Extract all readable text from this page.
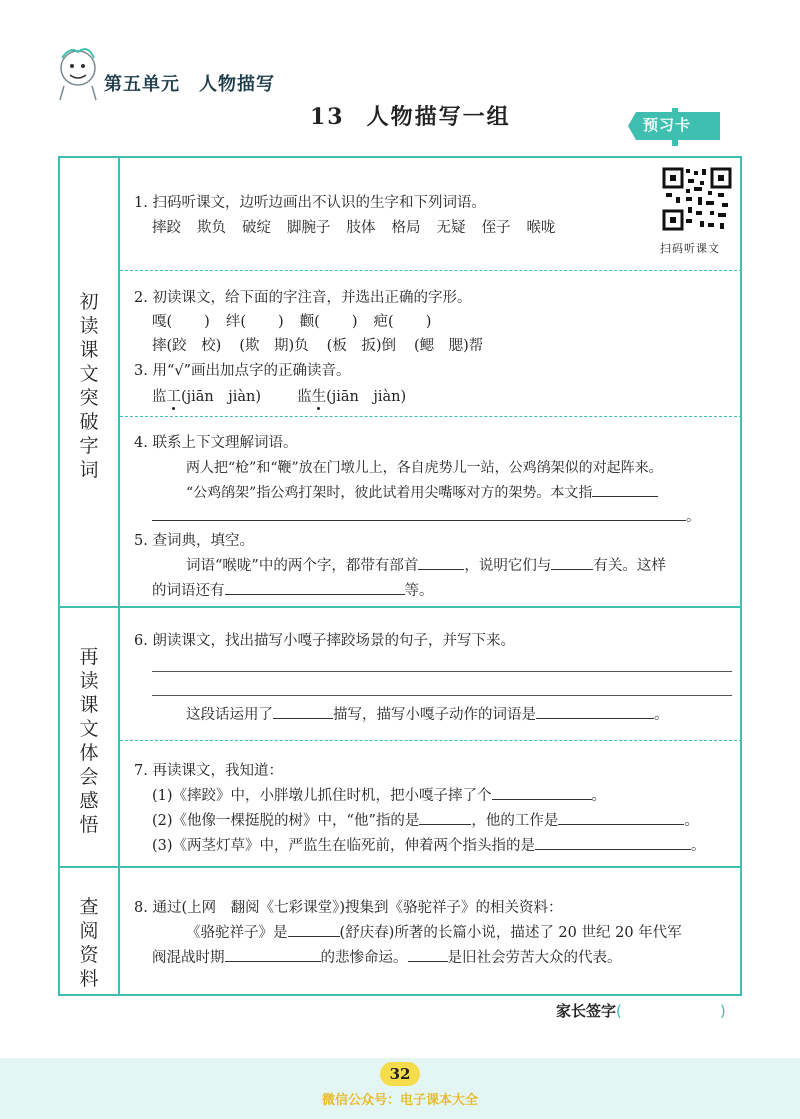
第五单元　人物描写
13 人物描写一组	预习卡
初读课文　突破字词
再读课文　体会感悟
查阅资料
扫码听课文
1. 扫码听课文，边听边画出不认识的生字和下列词语。
摔跤 欺负 破绽 脚腕子 肢体 格局 无疑 侄子 喉咙
2. 初读课文，给下面的字注音，并选出正确的字形。
嘎( ) 绊( ) 颧( ) 疤( )
摔(跤　校) (欺　期)负 (板　扳)倒 (鳃　腮)帮
3. 用“√”画出加点字的正确读音。
监工(jiān　jiàn) 监生(jiān　jiàn)
4. 联系上下文理解词语。
两人把“枪”和“鞭”放在门墩儿上，各自虎势儿一站，公鸡鹐架似的对起阵来。
“公鸡鹐架”指公鸡打架时，彼此试着用尖嘴啄对方的架势。本文指
。
5. 查词典，填空。
词语“喉咙”中的两个字，都带有部首	，说明它们与	有关。这样
的词语还有	等。
6. 朗读课文，找出描写小嘎子摔跤场景的句子，并写下来。
这段话运用了	描写，描写小嘎子动作的词语是	。
7. 再读课文，我知道：
(1)《摔跤》中，小胖墩儿抓住时机，把小嘎子摔了个	。
(2)《他像一棵挺脱的树》中，“他”指的是	，他的工作是	。
(3)《两茎灯草》中，严监生在临死前，伸着两个指头指的是	。
8. 通过(上网　翻阅《七彩课堂》)搜集到《骆驼祥子》的相关资料：
《骆驼祥子》是	(舒庆春)所著的长篇小说，描述了 20 世纪 20 年代军
阀混战时期	的悲惨命运。	是旧社会劳苦大众的代表。
家长签字(	)
32
微信公众号：电子课本大全
